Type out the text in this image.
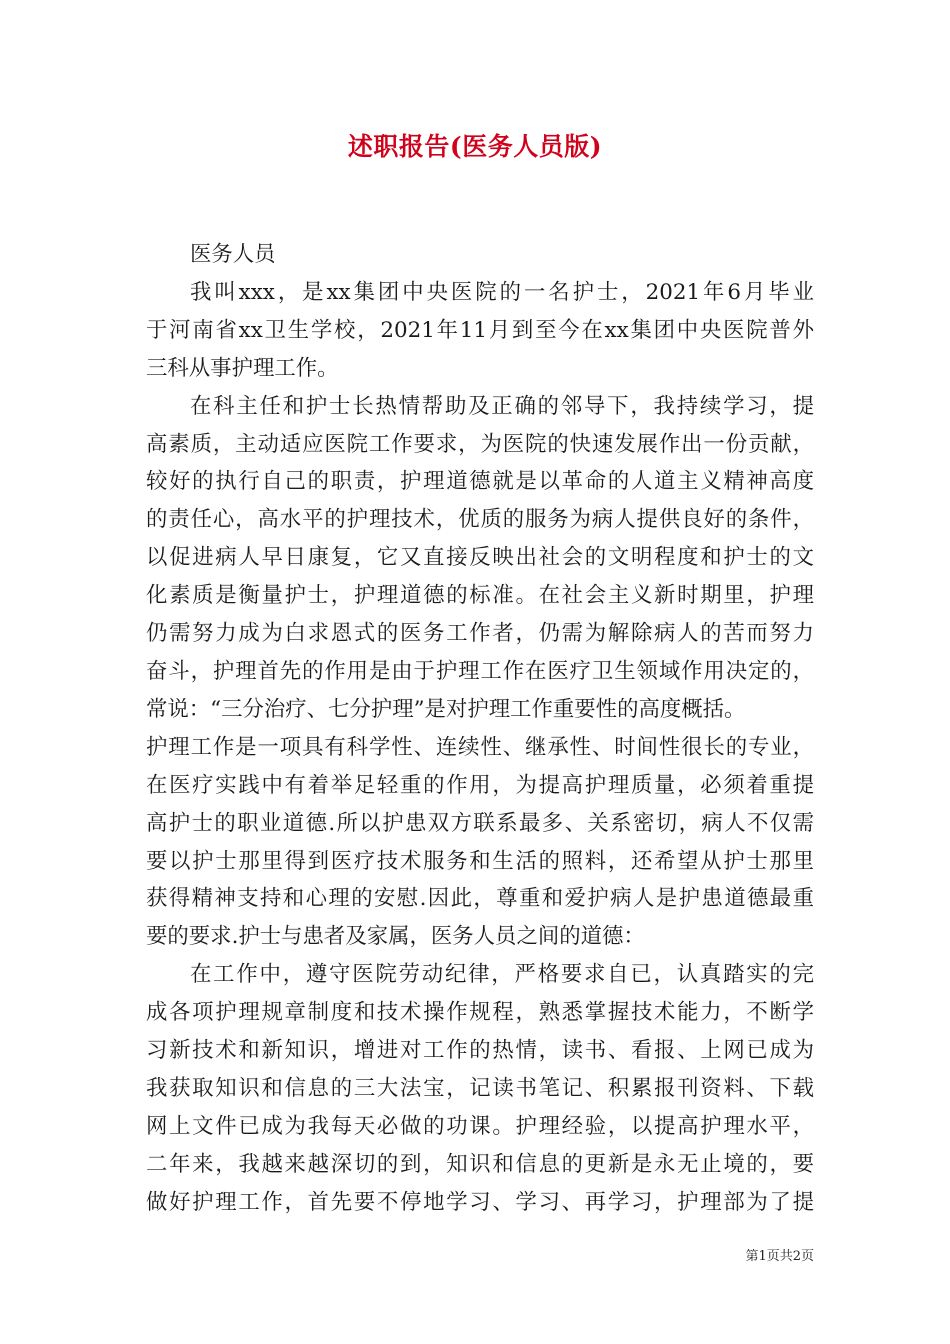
述职报告(医务人员版)
医务人员
我叫xxx，是xx集团中央医院的一名护士，2021年6月毕业
于河南省xx卫生学校，2021年11月到至今在xx集团中央医院普外
三科从事护理工作。
在科主任和护士长热情帮助及正确的邻导下，我持续学习，提
高素质，主动适应医院工作要求，为医院的快速发展作出一份贡献，
较好的执行自己的职责，护理道德就是以革命的人道主义精神高度
的责任心，高水平的护理技术，优质的服务为病人提供良好的条件，
以促进病人早日康复，它又直接反映出社会的文明程度和护士的文
化素质是衡量护士，护理道德的标准。在社会主义新时期里，护理
仍需努力成为白求恩式的医务工作者，仍需为解除病人的苦而努力
奋斗，护理首先的作用是由于护理工作在医疗卫生领域作用决定的，
常说：“三分治疗、七分护理”是对护理工作重要性的高度概括。
护理工作是一项具有科学性、连续性、继承性、时间性很长的专业，
在医疗实践中有着举足轻重的作用，为提高护理质量，必须着重提
高护士的职业道德.所以护患双方联系最多、关系密切，病人不仅需
要以护士那里得到医疗技术服务和生活的照料，还希望从护士那里
获得精神支持和心理的安慰.因此，尊重和爱护病人是护患道德最重
要的要求.护士与患者及家属，医务人员之间的道德：
在工作中，遵守医院劳动纪律，严格要求自已，认真踏实的完
成各项护理规章制度和技术操作规程，熟悉掌握技术能力，不断学
习新技术和新知识，增进对工作的热情，读书、看报、上网已成为
我获取知识和信息的三大法宝，记读书笔记、积累报刊资料、下载
网上文件已成为我每天必做的功课。护理经验，以提高护理水平，
二年来，我越来越深切的到，知识和信息的更新是永无止境的，要
做好护理工作，首先要不停地学习、学习、再学习，护理部为了提
第1页共2页
